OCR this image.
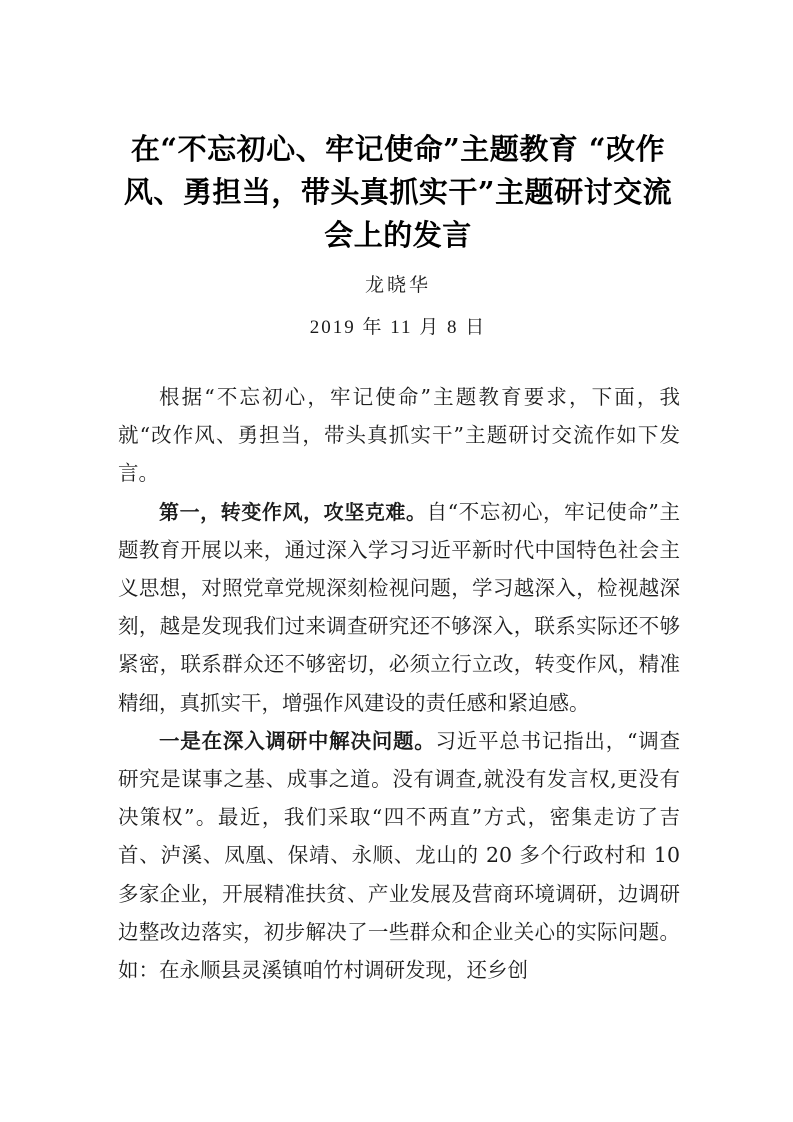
在“不忘初心、牢记使命”主题教育 “改作风、勇担当，带头真抓实干”主题研讨交流会上的发言
龙晓华
2019 年 11 月 8 日

根据“不忘初心，牢记使命”主题教育要求，下面，我就“改作风、勇担当，带头真抓实干”主题研讨交流作如下发言。

第一，转变作风，攻坚克难。自“不忘初心，牢记使命”主题教育开展以来，通过深入学习习近平新时代中国特色社会主义思想，对照党章党规深刻检视问题，学习越深入，检视越深刻，越是发现我们过来调查研究还不够深入，联系实际还不够紧密，联系群众还不够密切，必须立行立改，转变作风，精准精细，真抓实干，增强作风建设的责任感和紧迫感。

一是在深入调研中解决问题。习近平总书记指出，“调查研究是谋事之基、成事之道。没有调查,就没有发言权,更没有决策权”。最近，我们采取“四不两直”方式，密集走访了吉首、泸溪、凤凰、保靖、永顺、龙山的 20 多个行政村和 10 多家企业，开展精准扶贫、产业发展及营商环境调研，边调研边整改边落实，初步解决了一些群众和企业关心的实际问题。如：在永顺县灵溪镇咱竹村调研发现，还乡创
